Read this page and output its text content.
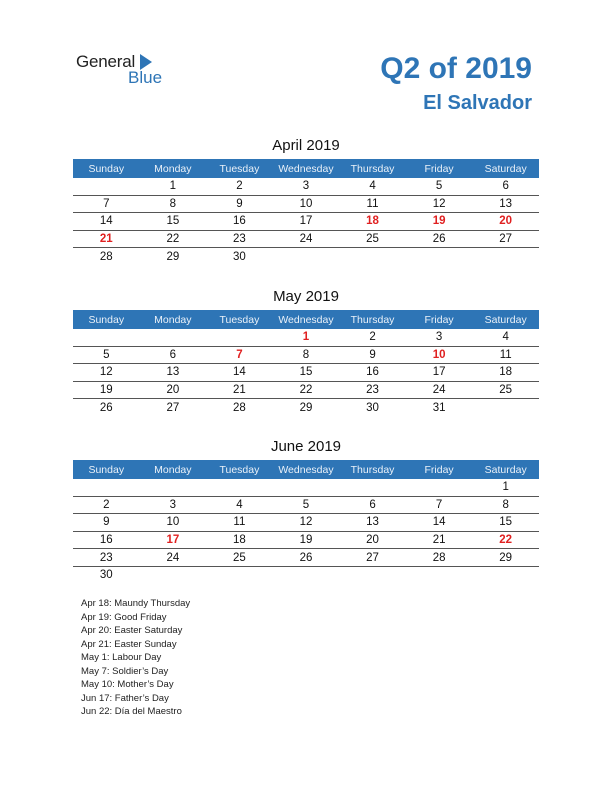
General
Blue	Q2 of 2019
El Salvador
April 2019
Sunday	Monday	Tuesday	Wednesday	Thursday	Friday	Saturday
	1	2	3	4	5	6
7	8	9	10	11	12	13
14	15	16	17	18	19	20
21	22	23	24	25	26	27
28	29	30				
May 2019
Sunday	Monday	Tuesday	Wednesday	Thursday	Friday	Saturday
			1	2	3	4
5	6	7	8	9	10	11
12	13	14	15	16	17	18
19	20	21	22	23	24	25
26	27	28	29	30	31	
June 2019
Sunday	Monday	Tuesday	Wednesday	Thursday	Friday	Saturday
						1
2	3	4	5	6	7	8
9	10	11	12	13	14	15
16	17	18	19	20	21	22
23	24	25	26	27	28	29
30						
Apr 18: Maundy Thursday
Apr 19: Good Friday
Apr 20: Easter Saturday
Apr 21: Easter Sunday
May 1: Labour Day
May 7: Soldier’s Day
May 10: Mother’s Day
Jun 17: Father’s Day
Jun 22: Día del Maestro
